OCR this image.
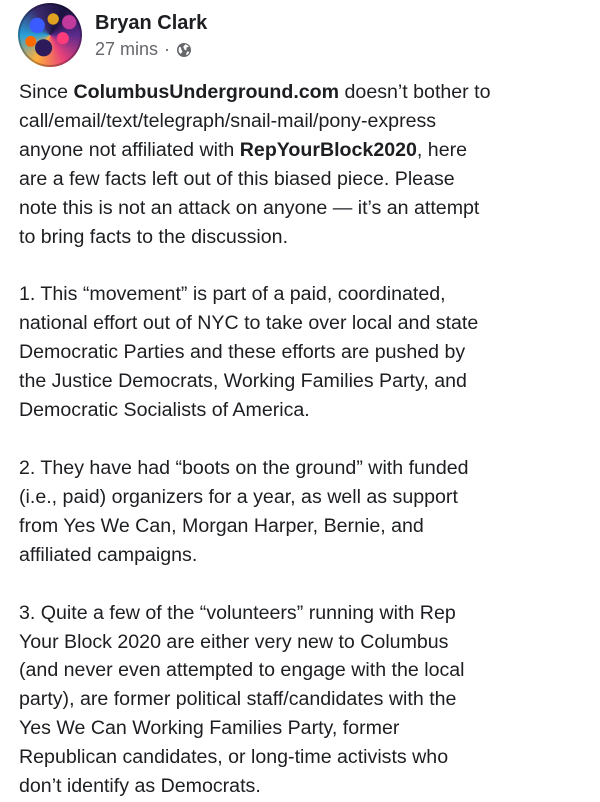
Bryan Clark
27 mins ·
Since ColumbusUnderground.com doesn’t bother to
call/email/text/telegraph/snail-mail/pony-express
anyone not affiliated with RepYourBlock2020, here
are a few facts left out of this biased piece. Please
note this is not an attack on anyone — it’s an attempt
to bring facts to the discussion.
1. This “movement” is part of a paid, coordinated,
national effort out of NYC to take over local and state
Democratic Parties and these efforts are pushed by
the Justice Democrats, Working Families Party, and
Democratic Socialists of America.
2. They have had “boots on the ground” with funded
(i.e., paid) organizers for a year, as well as support
from Yes We Can, Morgan Harper, Bernie, and
affiliated campaigns.
3. Quite a few of the “volunteers” running with Rep
Your Block 2020 are either very new to Columbus
(and never even attempted to engage with the local
party), are former political staff/candidates with the
Yes We Can Working Families Party, former
Republican candidates, or long-time activists who
don’t identify as Democrats.
